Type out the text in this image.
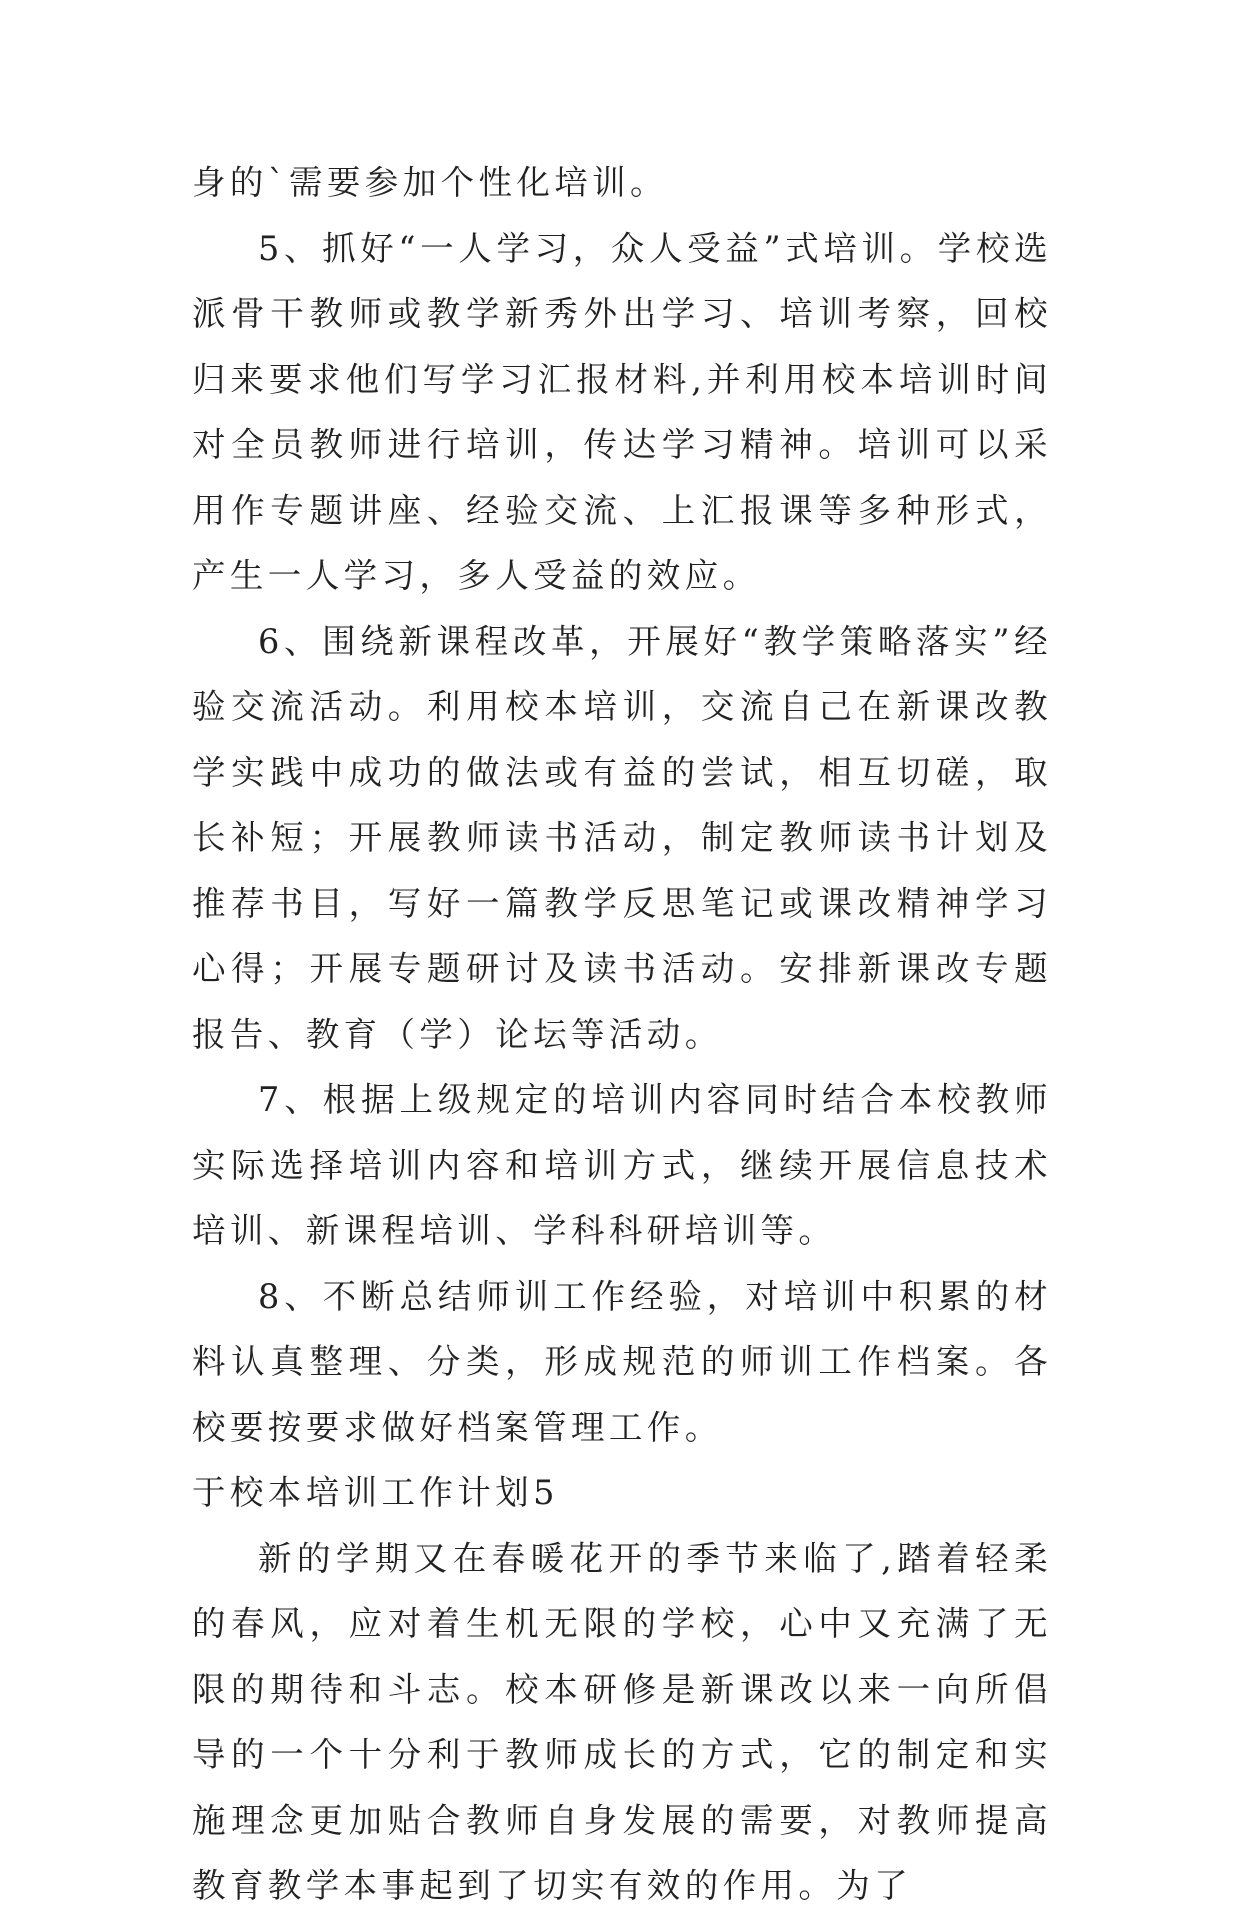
身的`需要参加个性化培训。

5、抓好“一人学习，众人受益”式培训。学校选派骨干教师或教学新秀外出学习、培训考察，回校归来要求他们写学习汇报材料,并利用校本培训时间对全员教师进行培训，传达学习精神。培训可以采用作专题讲座、经验交流、上汇报课等多种形式，产生一人学习，多人受益的效应。

6、围绕新课程改革，开展好“教学策略落实”经验交流活动。利用校本培训，交流自己在新课改教学实践中成功的做法或有益的尝试，相互切磋，取长补短；开展教师读书活动，制定教师读书计划及推荐书目，写好一篇教学反思笔记或课改精神学习心得；开展专题研讨及读书活动。安排新课改专题报告、教育（学）论坛等活动。

7、根据上级规定的培训内容同时结合本校教师实际选择培训内容和培训方式，继续开展信息技术培训、新课程培训、学科科研培训等。

8、不断总结师训工作经验，对培训中积累的材料认真整理、分类，形成规范的师训工作档案。各校要按要求做好档案管理工作。

于校本培训工作计划5

新的学期又在春暖花开的季节来临了,踏着轻柔的春风，应对着生机无限的学校，心中又充满了无限的期待和斗志。校本研修是新课改以来一向所倡导的一个十分利于教师成长的方式，它的制定和实施理念更加贴合教师自身发展的需要，对教师提高教育教学本事起到了切实有效的作用。为了
